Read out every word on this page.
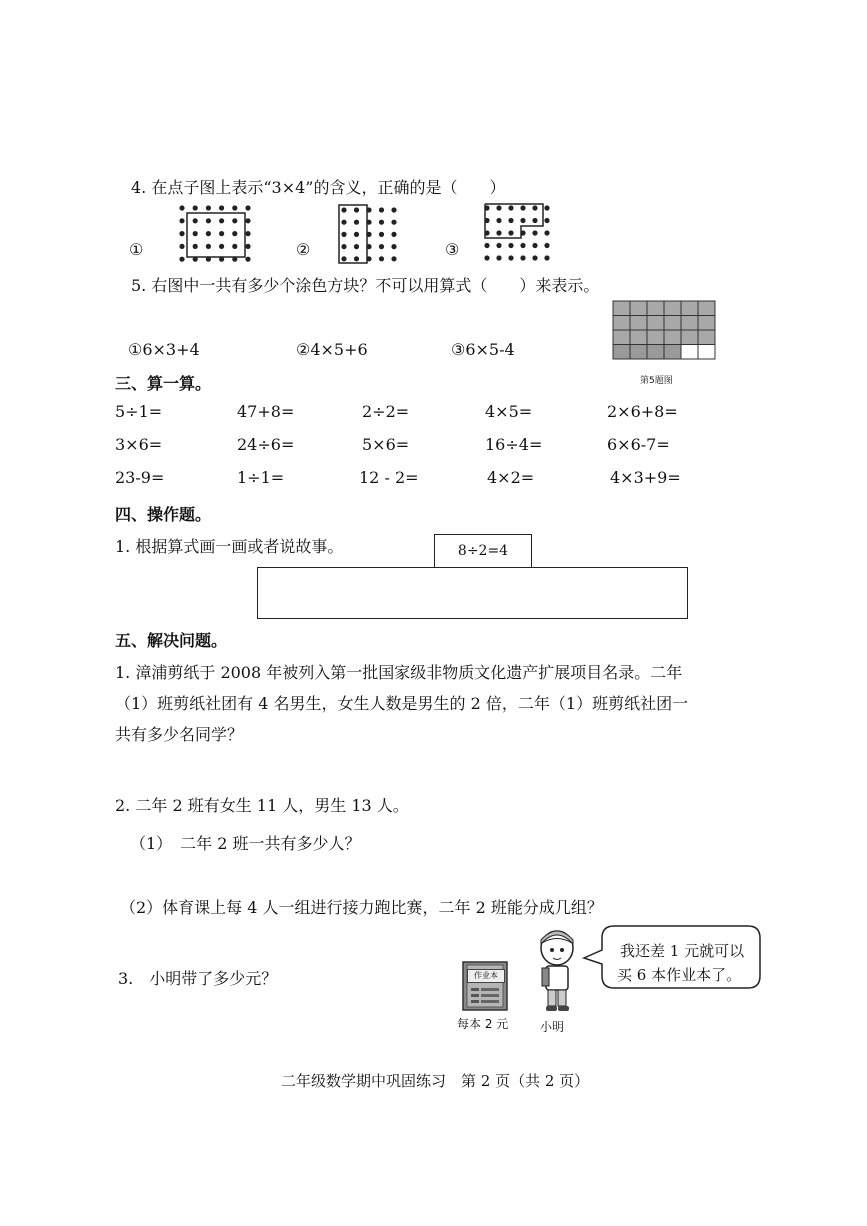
4. 在点子图上表示“3×4”的含义，正确的是（　　）
①	②	③
5. 右图中一共有多少个涂色方块？不可以用算式（　　）来表示。
①6×3+4	②4×5+6	③6×5-4
第5题图
三、算一算。
5÷1=	47+8=	2÷2=	4×5=	2×6+8=
3×6=	24÷6=	5×6=	16÷4=	6×6-7=
23-9=	1÷1=	12 - 2=	4×2=	4×3+9=
四、操作题。
1. 根据算式画一画或者说故事。	8÷2=4
五、解决问题。
1. 漳浦剪纸于 2008 年被列入第一批国家级非物质文化遗产扩展项目名录。二年
（1）班剪纸社团有 4 名男生，女生人数是男生的 2 倍，二年（1）班剪纸社团一
共有多少名同学？
2. 二年 2 班有女生 11 人，男生 13 人。
（1）　二年 2 班一共有多少人？
（2）体育课上每 4 人一组进行接力跑比赛，二年 2 班能分成几组？
3.　小明带了多少元？	作业本
每本 2 元	小明
我还差 1 元就可以
买 6 本作业本了。
二年级数学期中巩固练习　第 2 页（共 2 页）
